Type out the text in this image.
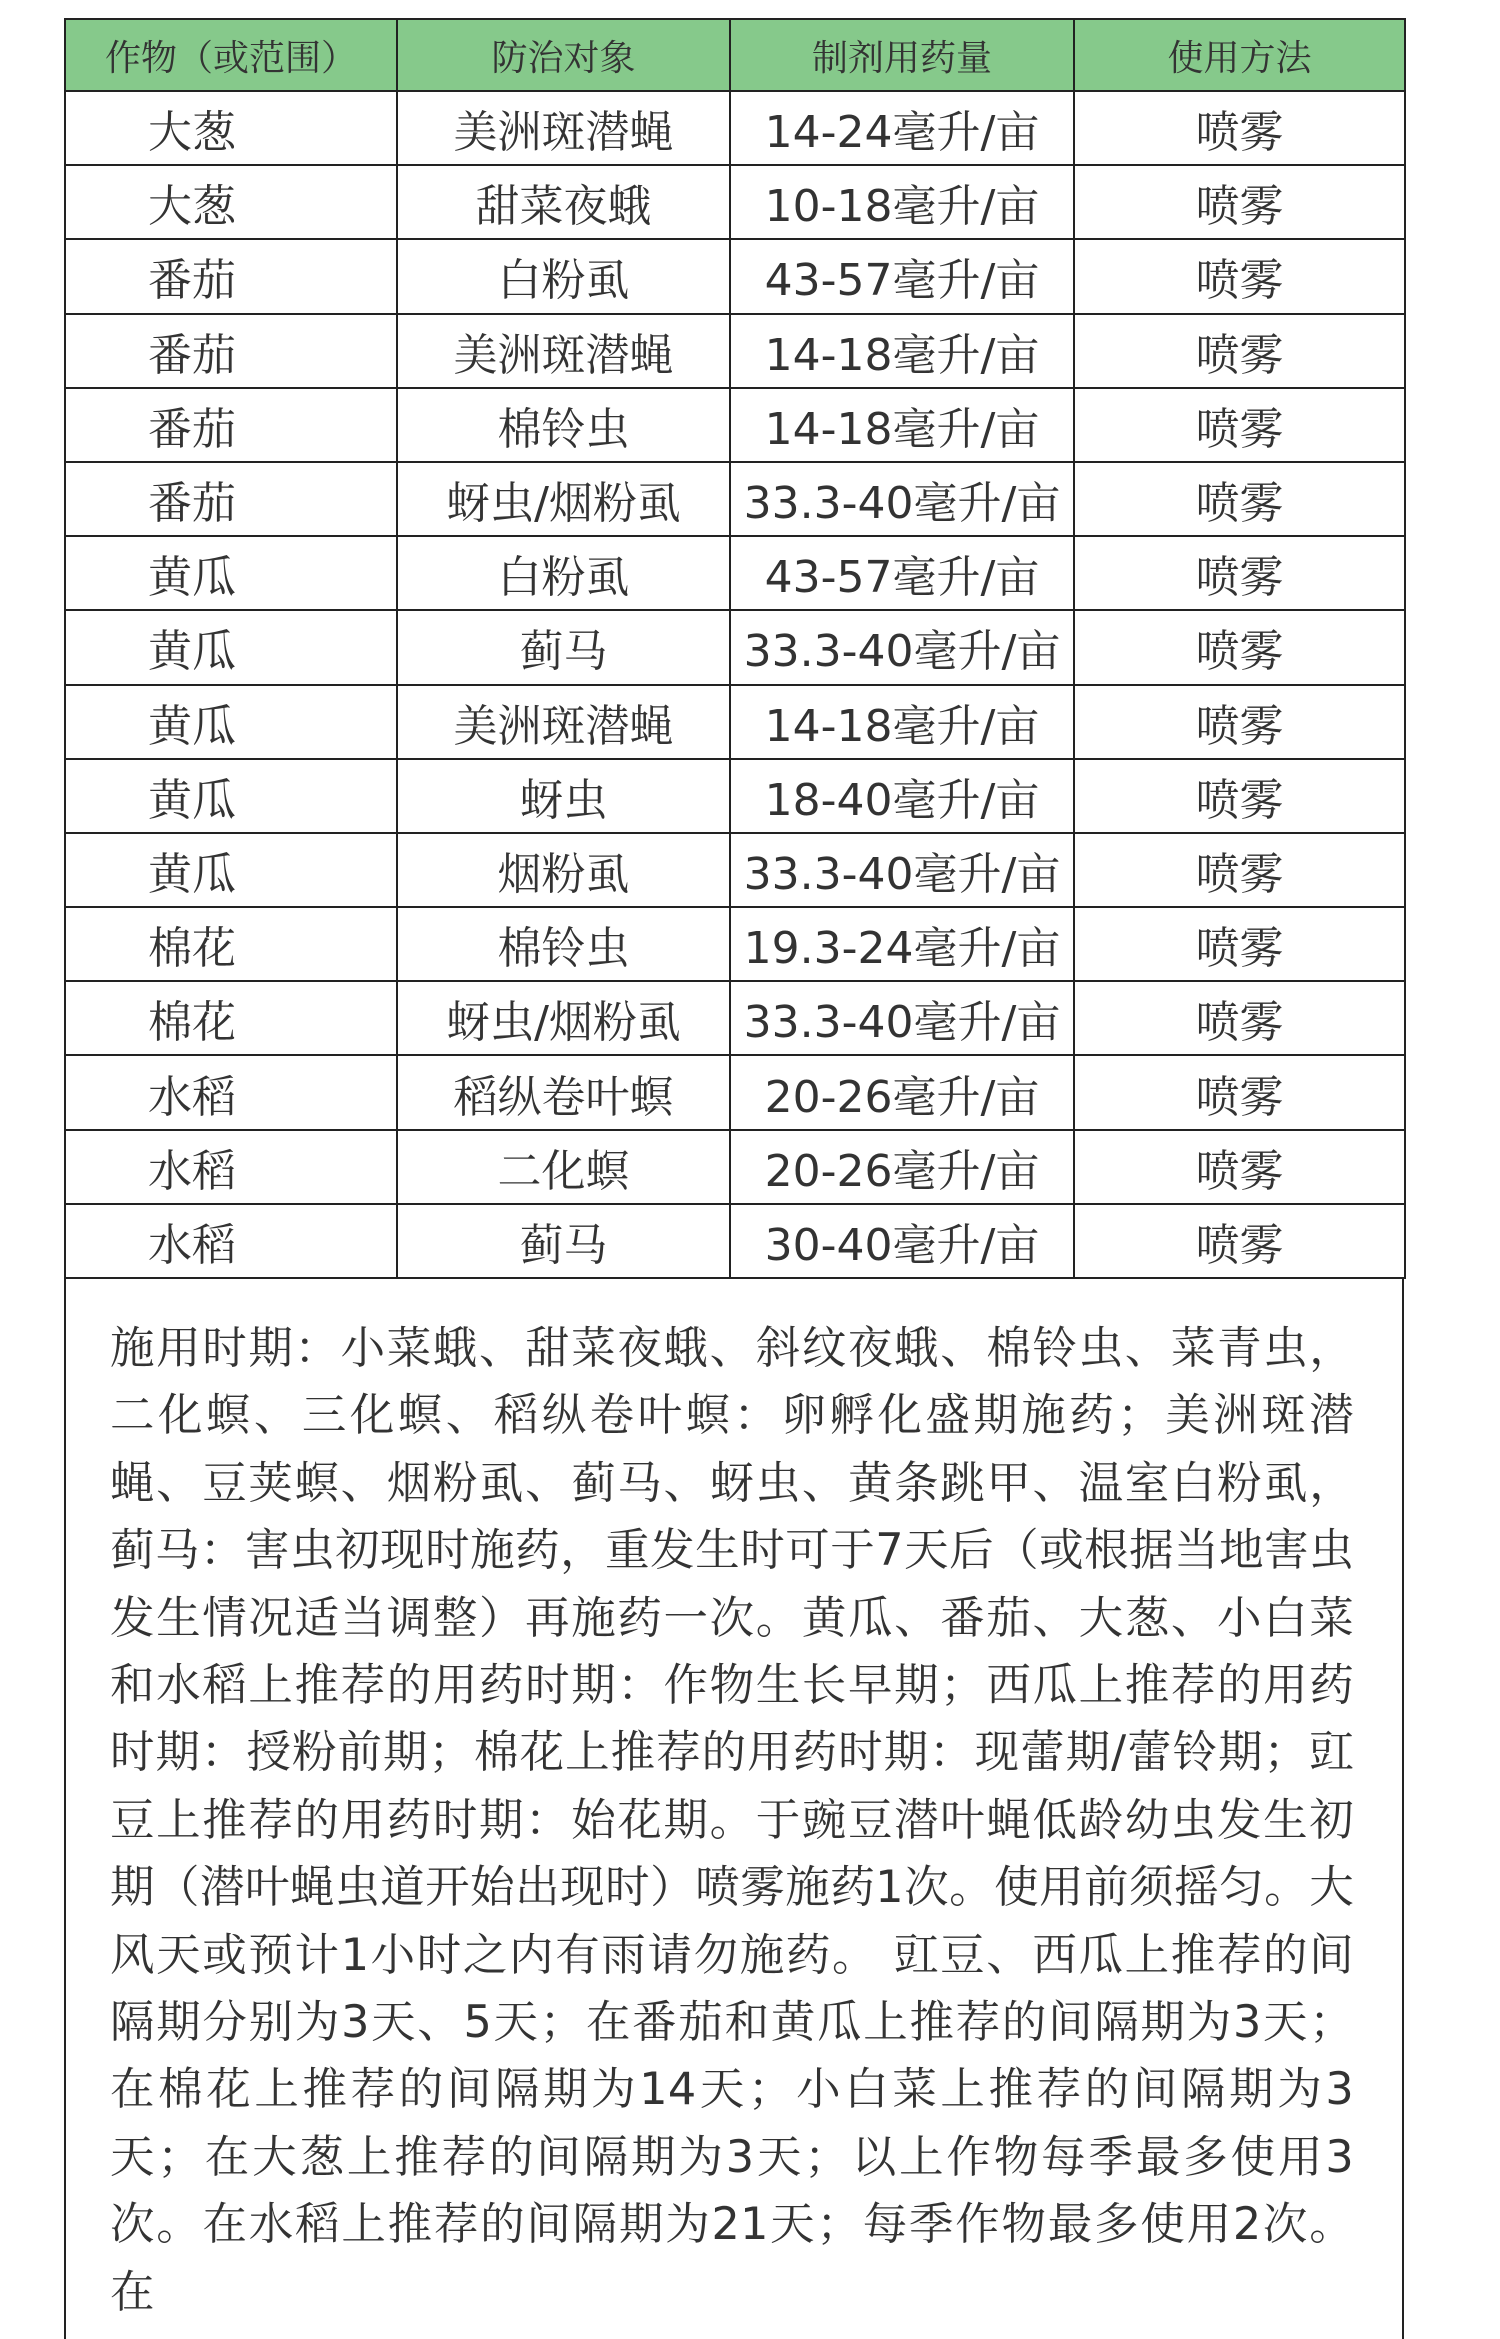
作物（或范围）	防治对象	制剂用药量	使用方法
大葱	美洲斑潜蝇	14-24毫升/亩	喷雾
大葱	甜菜夜蛾	10-18毫升/亩	喷雾
番茄	白粉虱	43-57毫升/亩	喷雾
番茄	美洲斑潜蝇	14-18毫升/亩	喷雾
番茄	棉铃虫	14-18毫升/亩	喷雾
番茄	蚜虫/烟粉虱	33.3-40毫升/亩	喷雾
黄瓜	白粉虱	43-57毫升/亩	喷雾
黄瓜	蓟马	33.3-40毫升/亩	喷雾
黄瓜	美洲斑潜蝇	14-18毫升/亩	喷雾
黄瓜	蚜虫	18-40毫升/亩	喷雾
黄瓜	烟粉虱	33.3-40毫升/亩	喷雾
棉花	棉铃虫	19.3-24毫升/亩	喷雾
棉花	蚜虫/烟粉虱	33.3-40毫升/亩	喷雾
水稻	稻纵卷叶螟	20-26毫升/亩	喷雾
水稻	二化螟	20-26毫升/亩	喷雾
水稻	蓟马	30-40毫升/亩	喷雾

施用时期：小菜蛾、甜菜夜蛾、斜纹夜蛾、棉铃虫、菜青虫，二化螟、三化螟、稻纵卷叶螟：卵孵化盛期施药；美洲斑潜蝇、豆荚螟、烟粉虱、蓟马、蚜虫、黄条跳甲、温室白粉虱，蓟马：害虫初现时施药，重发生时可于7天后（或根据当地害虫发生情况适当调整）再施药一次。黄瓜、番茄、大葱、小白菜和水稻上推荐的用药时期：作物生长早期；西瓜上推荐的用药时期：授粉前期；棉花上推荐的用药时期：现蕾期/蕾铃期；豇豆上推荐的用药时期：始花期。于豌豆潜叶蝇低龄幼虫发生初期（潜叶蝇虫道开始出现时）喷雾施药1次。使用前须摇匀。大风天或预计1小时之内有雨请勿施药。 豇豆、西瓜上推荐的间隔期分别为3天、5天；在番茄和黄瓜上推荐的间隔期为3天；在棉花上推荐的间隔期为14天；小白菜上推荐的间隔期为3天；在大葱上推荐的间隔期为3天；以上作物每季最多使用3次。在水稻上推荐的间隔期为21天；每季作物最多使用2次。在
